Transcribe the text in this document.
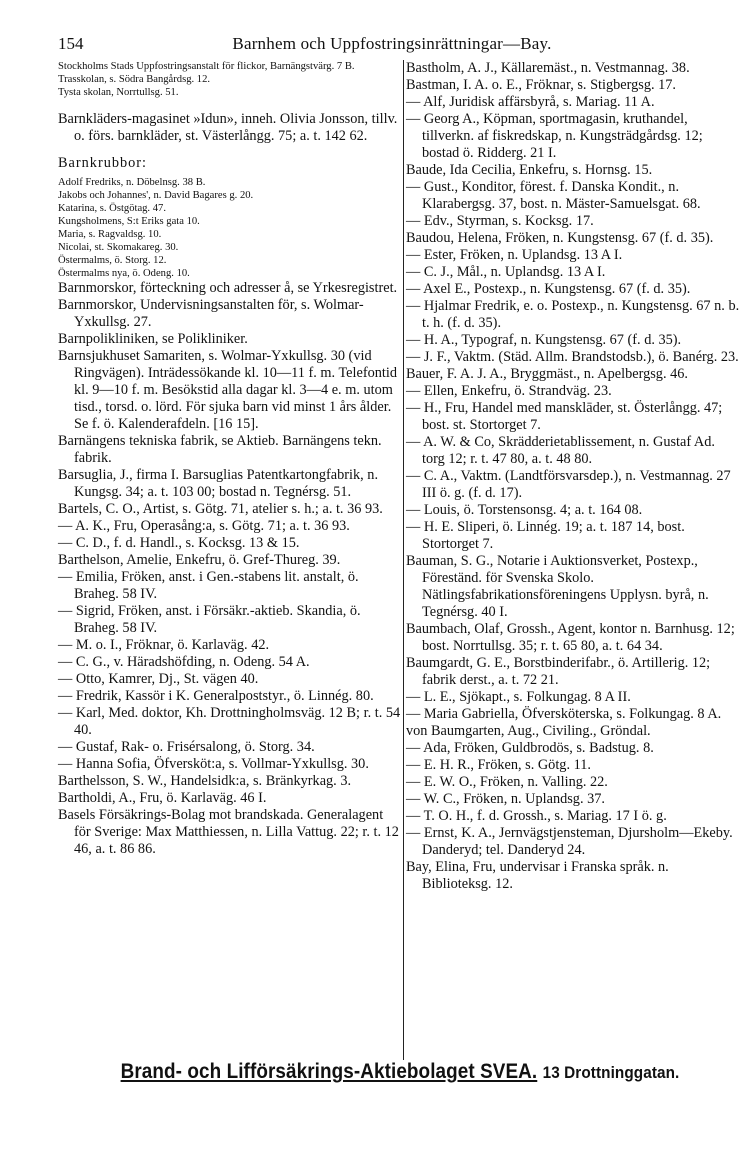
154	Barnhem och Uppfostringsinrättningar—Bay.

Stockholms Stads Uppfostringsanstalt för flickor, Barnängstvärg. 7 B.

Trasskolan, s. Södra Bangårdsg. 12.

Tysta skolan, Norrtullsg. 51.

Barnkläders-magasinet »Idun», inneh. Olivia Jonsson, tillv. o. förs. barnkläder, st. Västerlångg. 75; a. t. 142 62.

Barnkrubbor:

Adolf Fredriks, n. Döbelnsg. 38 B.

Jakobs och Johannes', n. David Bagares g. 20.

Katarina, s. Östgötag. 47.

Kungsholmens, S:t Eriks gata 10.

Maria, s. Ragvaldsg. 10.

Nicolai, st. Skomakareg. 30.

Östermalms, ö. Storg. 12.

Östermalms nya, ö. Odeng. 10.

Barnmorskor, förteckning och adresser å, se Yrkesregistret.

Barnmorskor, Undervisningsanstalten för, s. Wolmar-Yxkullsg. 27.

Barnpolikliniken, se Polikliniker.

Barnsjukhuset Samariten, s. Wolmar-Yxkullsg. 30 (vid Ringvägen). Inträdessökande kl. 10—11 f. m. Telefontid kl. 9—10 f. m. Besökstid alla dagar kl. 3—4 e. m. utom tisd., torsd. o. lörd. För sjuka barn vid minst 1 års ålder. Se f. ö. Kalenderafdeln. [16 15].

Barnängens tekniska fabrik, se Aktieb. Barnängens tekn. fabrik.

Barsuglia, J., firma I. Barsuglias Patentkartongfabrik, n. Kungsg. 34; a. t. 103 00; bostad n. Tegnérsg. 51.

Bartels, C. O., Artist, s. Götg. 71, atelier s. h.; a. t. 36 93.

— A. K., Fru, Operasång:a, s. Götg. 71; a. t. 36 93.

— C. D., f. d. Handl., s. Kocksg. 13 & 15.

Barthelson, Amelie, Enkefru, ö. Gref-Thureg. 39.

— Emilia, Fröken, anst. i Gen.-stabens lit. anstalt, ö. Braheg. 58 IV.

— Sigrid, Fröken, anst. i Försäkr.-aktieb. Skandia, ö. Braheg. 58 IV.

— M. o. I., Fröknar, ö. Karlaväg. 42.

— C. G., v. Häradshöfding, n. Odeng. 54 A.

— Otto, Kamrer, Dj., St. vägen 40.

— Fredrik, Kassör i K. Generalpoststyr., ö. Linnég. 80.

— Karl, Med. doktor, Kh. Drottningholmsväg. 12 B; r. t. 54 40.

— Gustaf, Rak- o. Frisérsalong, ö. Storg. 34.

— Hanna Sofia, Öfversköt:a, s. Vollmar-Yxkullsg. 30.

Barthelsson, S. W., Handelsidk:a, s. Bränkyrkag. 3.

Bartholdi, A., Fru, ö. Karlaväg. 46 I.

Basels Försäkrings-Bolag mot brandskada. Generalagent för Sverige: Max Matthiessen, n. Lilla Vattug. 22; r. t. 12 46, a. t. 86 86.

Bastholm, A. J., Källaremäst., n. Vestmannag. 38.

Bastman, I. A. o. E., Fröknar, s. Stigbergsg. 17.

— Alf, Juridisk affärsbyrå, s. Mariag. 11 A.

— Georg A., Köpman, sportmagasin, kruthandel, tillverkn. af fiskredskap, n. Kungsträdgårdsg. 12; bostad ö. Ridderg. 21 I.

Baude, Ida Cecilia, Enkefru, s. Hornsg. 15.

— Gust., Konditor, förest. f. Danska Kondit., n. Klarabergsg. 37, bost. n. Mäster-Samuelsgat. 68.

— Edv., Styrman, s. Kocksg. 17.

Baudou, Helena, Fröken, n. Kungstensg. 67 (f. d. 35).

— Ester, Fröken, n. Uplandsg. 13 A I.

— C. J., Mål., n. Uplandsg. 13 A I.

— Axel E., Postexp., n. Kungstensg. 67 (f. d. 35).

— Hjalmar Fredrik, e. o. Postexp., n. Kungstensg. 67 n. b. t. h. (f. d. 35).

— H. A., Typograf, n. Kungstensg. 67 (f. d. 35).

— J. F., Vaktm. (Städ. Allm. Brandstodsb.), ö. Banérg. 23.

Bauer, F. A. J. A., Bryggmäst., n. Apelbergsg. 46.

— Ellen, Enkefru, ö. Strandväg. 23.

— H., Fru, Handel med mansklāder, st. Österlångg. 47; bost. st. Stortorget 7.

— A. W. & Co, Skrädderietablissement, n. Gustaf Ad. torg 12; r. t. 47 80, a. t. 48 80.

— C. A., Vaktm. (Landtförsvarsdep.), n. Vestmannag. 27 III ö. g. (f. d. 17).

— Louis, ö. Torstensonsg. 4; a. t. 164 08.

— H. E. Sliperi, ö. Linnég. 19; a. t. 187 14, bost. Stortorget 7.

Bauman, S. G., Notarie i Auktionsverket, Postexp., Föreständ. för Svenska Skolo. Nätlingsfabrikationsföreningens Upplysn. byrå, n. Tegnérsg. 40 I.

Baumbach, Olaf, Grossh., Agent, kontor n. Barnhusg. 12; bost. Norrtullsg. 35; r. t. 65 80, a. t. 64 34.

Baumgardt, G. E., Borstbinderifabr., ö. Artillerig. 12; fabrik derst., a. t. 72 21.

— L. E., Sjökapt., s. Folkungag. 8 A II.

— Maria Gabriella, Öfversköterska, s. Folkungag. 8 A.

von Baumgarten, Aug., Civiling., Gröndal.

— Ada, Fröken, Guldbrodös, s. Badstug. 8.

— E. H. R., Fröken, s. Götg. 11.

— E. W. O., Fröken, n. Valling. 22.

— W. C., Fröken, n. Uplandsg. 37.

— T. O. H., f. d. Grossh., s. Mariag. 17 I ö. g.

— Ernst, K. A., Jernvägstjensteman, Djursholm—Ekeby. Danderyd; tel. Danderyd 24.

Bay, Elina, Fru, undervisar i Franska språk. n. Biblioteksg. 12.

Brand- och Lifförsäkrings-Aktiebolaget SVEA. 13 Drottninggatan.
